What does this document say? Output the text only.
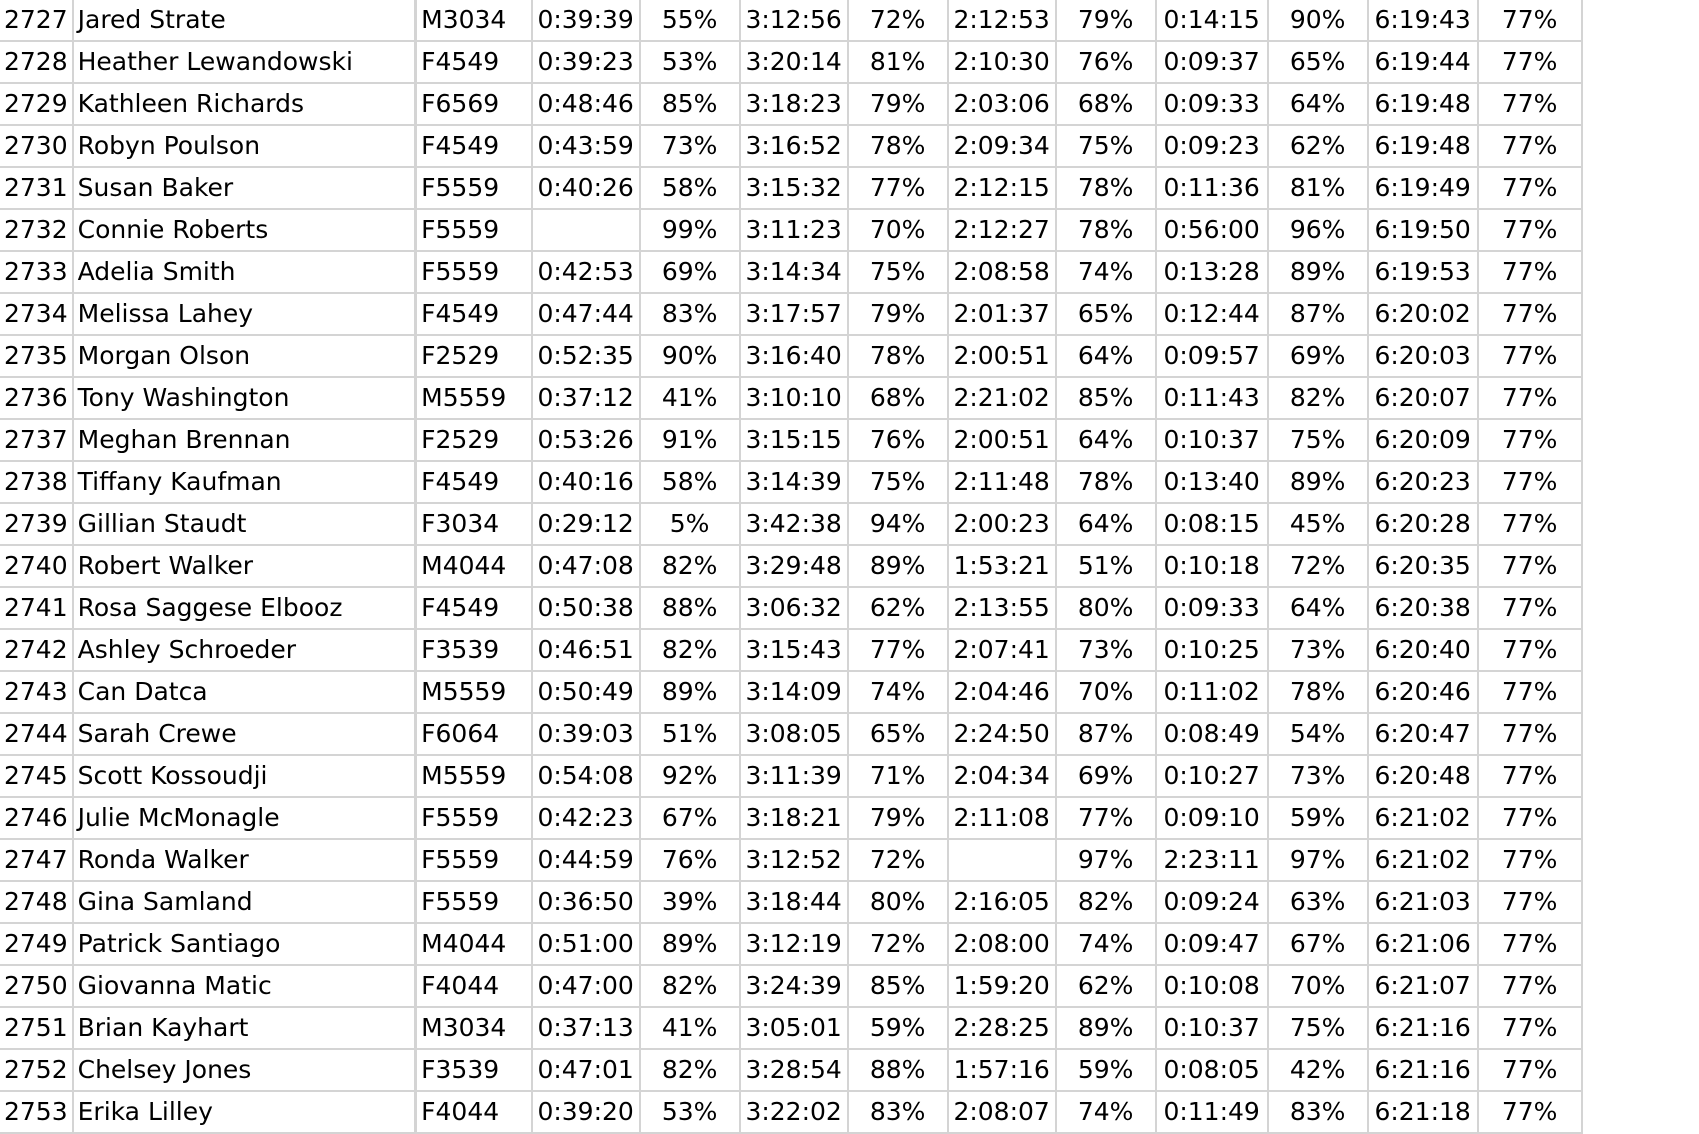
2727	Jared Strate	M3034	0:39:39	55%	3:12:56	72%	2:12:53	79%	0:14:15	90%	6:19:43	77%
2728	Heather Lewandowski	F4549	0:39:23	53%	3:20:14	81%	2:10:30	76%	0:09:37	65%	6:19:44	77%
2729	Kathleen Richards	F6569	0:48:46	85%	3:18:23	79%	2:03:06	68%	0:09:33	64%	6:19:48	77%
2730	Robyn Poulson	F4549	0:43:59	73%	3:16:52	78%	2:09:34	75%	0:09:23	62%	6:19:48	77%
2731	Susan Baker	F5559	0:40:26	58%	3:15:32	77%	2:12:15	78%	0:11:36	81%	6:19:49	77%
2732	Connie Roberts	F5559		99%	3:11:23	70%	2:12:27	78%	0:56:00	96%	6:19:50	77%
2733	Adelia Smith	F5559	0:42:53	69%	3:14:34	75%	2:08:58	74%	0:13:28	89%	6:19:53	77%
2734	Melissa Lahey	F4549	0:47:44	83%	3:17:57	79%	2:01:37	65%	0:12:44	87%	6:20:02	77%
2735	Morgan Olson	F2529	0:52:35	90%	3:16:40	78%	2:00:51	64%	0:09:57	69%	6:20:03	77%
2736	Tony Washington	M5559	0:37:12	41%	3:10:10	68%	2:21:02	85%	0:11:43	82%	6:20:07	77%
2737	Meghan Brennan	F2529	0:53:26	91%	3:15:15	76%	2:00:51	64%	0:10:37	75%	6:20:09	77%
2738	Tiffany Kaufman	F4549	0:40:16	58%	3:14:39	75%	2:11:48	78%	0:13:40	89%	6:20:23	77%
2739	Gillian Staudt	F3034	0:29:12	5%	3:42:38	94%	2:00:23	64%	0:08:15	45%	6:20:28	77%
2740	Robert Walker	M4044	0:47:08	82%	3:29:48	89%	1:53:21	51%	0:10:18	72%	6:20:35	77%
2741	Rosa Saggese Elbooz	F4549	0:50:38	88%	3:06:32	62%	2:13:55	80%	0:09:33	64%	6:20:38	77%
2742	Ashley Schroeder	F3539	0:46:51	82%	3:15:43	77%	2:07:41	73%	0:10:25	73%	6:20:40	77%
2743	Can Datca	M5559	0:50:49	89%	3:14:09	74%	2:04:46	70%	0:11:02	78%	6:20:46	77%
2744	Sarah Crewe	F6064	0:39:03	51%	3:08:05	65%	2:24:50	87%	0:08:49	54%	6:20:47	77%
2745	Scott Kossoudji	M5559	0:54:08	92%	3:11:39	71%	2:04:34	69%	0:10:27	73%	6:20:48	77%
2746	Julie McMonagle	F5559	0:42:23	67%	3:18:21	79%	2:11:08	77%	0:09:10	59%	6:21:02	77%
2747	Ronda Walker	F5559	0:44:59	76%	3:12:52	72%		97%	2:23:11	97%	6:21:02	77%
2748	Gina Samland	F5559	0:36:50	39%	3:18:44	80%	2:16:05	82%	0:09:24	63%	6:21:03	77%
2749	Patrick Santiago	M4044	0:51:00	89%	3:12:19	72%	2:08:00	74%	0:09:47	67%	6:21:06	77%
2750	Giovanna Matic	F4044	0:47:00	82%	3:24:39	85%	1:59:20	62%	0:10:08	70%	6:21:07	77%
2751	Brian Kayhart	M3034	0:37:13	41%	3:05:01	59%	2:28:25	89%	0:10:37	75%	6:21:16	77%
2752	Chelsey Jones	F3539	0:47:01	82%	3:28:54	88%	1:57:16	59%	0:08:05	42%	6:21:16	77%
2753	Erika Lilley	F4044	0:39:20	53%	3:22:02	83%	2:08:07	74%	0:11:49	83%	6:21:18	77%
